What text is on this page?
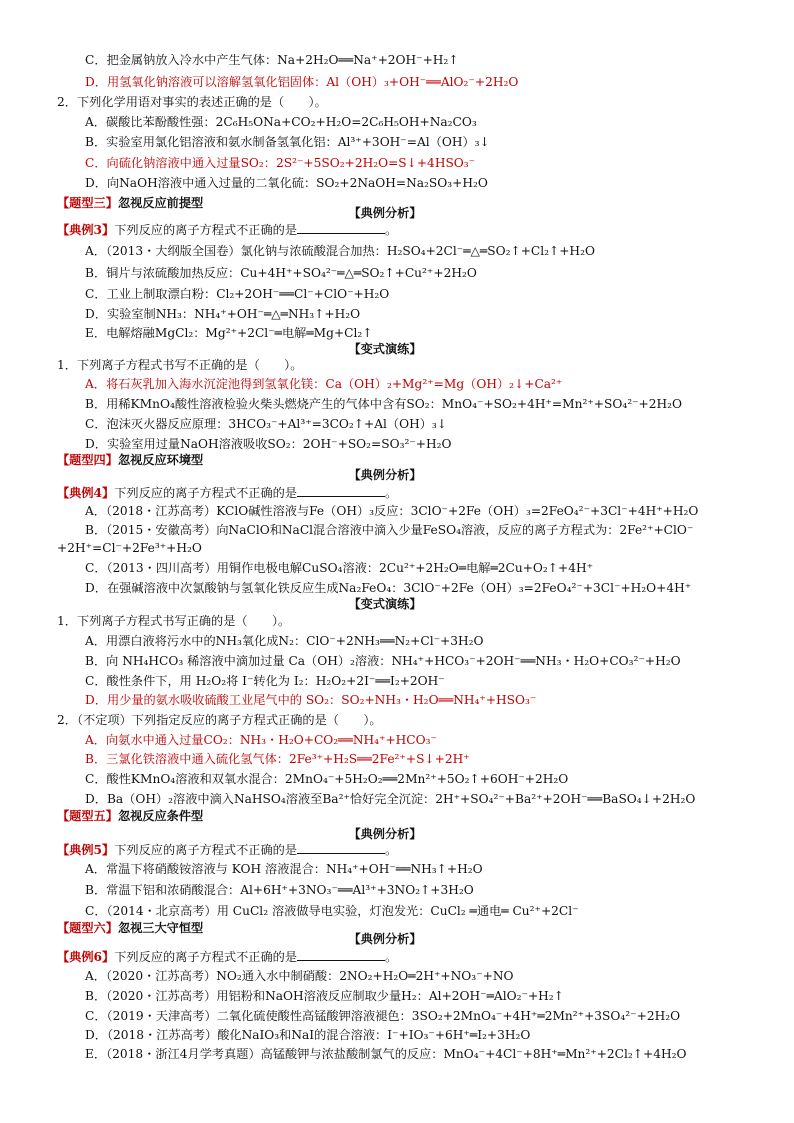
C．把金属钠放入冷水中产生气体：Na+2H₂O══Na⁺+2OH⁻+H₂↑
D．用氢氧化钠溶液可以溶解氢氧化铝固体：Al（OH）₃+OH⁻══AlO₂⁻+2H₂O
2．下列化学用语对事实的表述正确的是（　　）。
A．碳酸比苯酚酸性强：2C₆H₅ONa+CO₂+H₂O=2C₆H₅OH+Na₂CO₃
B．实验室用氯化铝溶液和氨水制备氢氧化铝：Al³⁺+3OH⁻=Al（OH）₃↓
C．向硫化钠溶液中通入过量SO₂：2S²⁻+5SO₂+2H₂O=S↓+4HSO₃⁻
D．向NaOH溶液中通入过量的二氧化硫：SO₂+2NaOH=Na₂SO₃+H₂O
【题型三】忽视反应前提型
【典例分析】
【典例3】下列反应的离子方程式不正确的是	。
A．（2013・大纲版全国卷）氯化钠与浓硫酸混合加热：H₂SO₄+2Cl⁻═△═SO₂↑+Cl₂↑+H₂O
B．铜片与浓硫酸加热反应：Cu+4H⁺+SO₄²⁻═△═SO₂↑+Cu²⁺+2H₂O
C．工业上制取漂白粉：Cl₂+2OH⁻══Cl⁻+ClO⁻+H₂O
D．实验室制NH₃：NH₄⁺+OH⁻═△═NH₃↑+H₂O
E．电解熔融MgCl₂：Mg²⁺+2Cl⁻═电解═Mg+Cl₂↑
【变式演练】
1．下列离子方程式书写不正确的是（　　）。
A．将石灰乳加入海水沉淀池得到氢氧化镁：Ca（OH）₂+Mg²⁺=Mg（OH）₂↓+Ca²⁺
B．用稀KMnO₄酸性溶液检验火柴头燃烧产生的气体中含有SO₂：MnO₄⁻+SO₂+4H⁺=Mn²⁺+SO₄²⁻+2H₂O
C．泡沫灭火器反应原理：3HCO₃⁻+Al³⁺=3CO₂↑+Al（OH）₃↓
D．实验室用过量NaOH溶液吸收SO₂：2OH⁻+SO₂=SO₃²⁻+H₂O
【题型四】忽视反应环境型
【典例分析】
【典例4】下列反应的离子方程式不正确的是	。
A．（2018・江苏高考）KClO碱性溶液与Fe（OH）₃反应：3ClO⁻+2Fe（OH）₃=2FeO₄²⁻+3Cl⁻+4H⁺+H₂O
B．（2015・安徽高考）向NaClO和NaCl混合溶液中滴入少量FeSO₄溶液，反应的离子方程式为：2Fe²⁺+ClO⁻
+2H⁺=Cl⁻+2Fe³⁺+H₂O
C．（2013・四川高考）用铜作电极电解CuSO₄溶液：2Cu²⁺+2H₂O═电解═2Cu+O₂↑+4H⁺
D．在强碱溶液中次氯酸钠与氢氧化铁反应生成Na₂FeO₄：3ClO⁻+2Fe（OH）₃=2FeO₄²⁻+3Cl⁻+H₂O+4H⁺
【变式演练】
1．下列离子方程式书写正确的是（　　）。
A．用漂白液将污水中的NH₃氧化成N₂：ClO⁻+2NH₃══N₂+Cl⁻+3H₂O
B．向 NH₄HCO₃ 稀溶液中滴加过量 Ca（OH）₂溶液：NH₄⁺+HCO₃⁻+2OH⁻══NH₃・H₂O+CO₃²⁻+H₂O
C．酸性条件下，用 H₂O₂将 I⁻转化为 I₂：H₂O₂+2I⁻══I₂+2OH⁻
D．用少量的氨水吸收硫酸工业尾气中的 SO₂：SO₂+NH₃・H₂O══NH₄⁺+HSO₃⁻
2．（不定项）下列指定反应的离子方程式正确的是（　　）。
A．向氨水中通入过量CO₂：NH₃・H₂O+CO₂══NH₄⁺+HCO₃⁻
B．三氯化铁溶液中通入硫化氢气体：2Fe³⁺+H₂S══2Fe²⁺+S↓+2H⁺
C．酸性KMnO₄溶液和双氧水混合：2MnO₄⁻+5H₂O₂══2Mn²⁺+5O₂↑+6OH⁻+2H₂O
D．Ba（OH）₂溶液中滴入NaHSO₄溶液至Ba²⁺恰好完全沉淀：2H⁺+SO₄²⁻+Ba²⁺+2OH⁻══BaSO₄↓+2H₂O
【题型五】忽视反应条件型
【典例分析】
【典例5】下列反应的离子方程式不正确的是	。
A．常温下将硝酸铵溶液与 KOH 溶液混合：NH₄⁺+OH⁻══NH₃↑+H₂O
B．常温下铝和浓硝酸混合：Al+6H⁺+3NO₃⁻══Al³⁺+3NO₂↑+3H₂O
C．（2014・北京高考）用 CuCl₂ 溶液做导电实验，灯泡发光：CuCl₂ ═通电═ Cu²⁺+2Cl⁻
【题型六】忽视三大守恒型
【典例分析】
【典例6】下列反应的离子方程式不正确的是	。
A．（2020・江苏高考）NO₂通入水中制硝酸：2NO₂+H₂O═2H⁺+NO₃⁻+NO
B．（2020・江苏高考）用铝粉和NaOH溶液反应制取少量H₂：Al+2OH⁻═AlO₂⁻+H₂↑
C．（2019・天津高考）二氧化硫使酸性高锰酸钾溶液褪色：3SO₂+2MnO₄⁻+4H⁺═2Mn²⁺+3SO₄²⁻+2H₂O
D．（2018・江苏高考）酸化NaIO₃和NaI的混合溶液：I⁻+IO₃⁻+6H⁺═I₂+3H₂O
E．（2018・浙江4月学考真题）高锰酸钾与浓盐酸制氯气的反应：MnO₄⁻+4Cl⁻+8H⁺═Mn²⁺+2Cl₂↑+4H₂O
